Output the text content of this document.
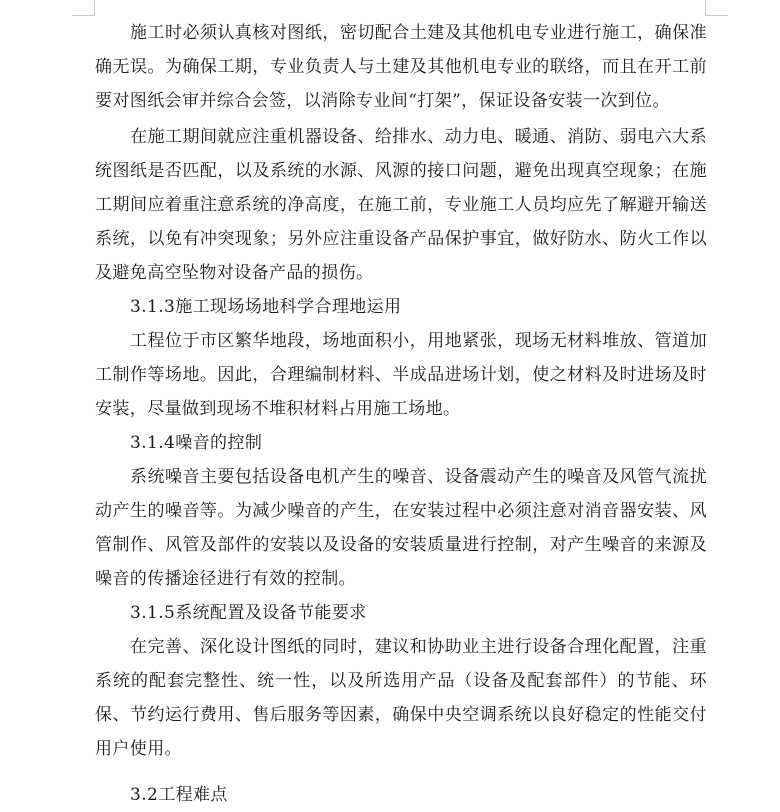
施工时必须认真核对图纸，密切配合土建及其他机电专业进行施工，确保准确无误。为确保工期，专业负责人与土建及其他机电专业的联络，而且在开工前要对图纸会审并综合会签，以消除专业间“打架”，保证设备安装一次到位。

在施工期间就应注重机器设备、给排水、动力电、暖通、消防、弱电六大系统图纸是否匹配，以及系统的水源、风源的接口问题，避免出现真空现象；在施工期间应着重注意系统的净高度，在施工前，专业施工人员均应先了解避开输送系统，以免有冲突现象；另外应注重设备产品保护事宜，做好防水、防火工作以及避免高空坠物对设备产品的损伤。

3.1.3施工现场场地科学合理地运用

工程位于市区繁华地段，场地面积小，用地紧张，现场无材料堆放、管道加工制作等场地。因此，合理编制材料、半成品进场计划，使之材料及时进场及时安装，尽量做到现场不堆积材料占用施工场地。

3.1.4噪音的控制

系统噪音主要包括设备电机产生的噪音、设备震动产生的噪音及风管气流扰动产生的噪音等。为减少噪音的产生，在安装过程中必须注意对消音器安装、风管制作、风管及部件的安装以及设备的安装质量进行控制，对产生噪音的来源及噪音的传播途径进行有效的控制。

3.1.5系统配置及设备节能要求

在完善、深化设计图纸的同时，建议和协助业主进行设备合理化配置，注重系统的配套完整性、统一性，以及所选用产品（设备及配套部件）的节能、环保、节约运行费用、售后服务等因素，确保中央空调系统以良好稳定的性能交付用户使用。

3.2工程难点
